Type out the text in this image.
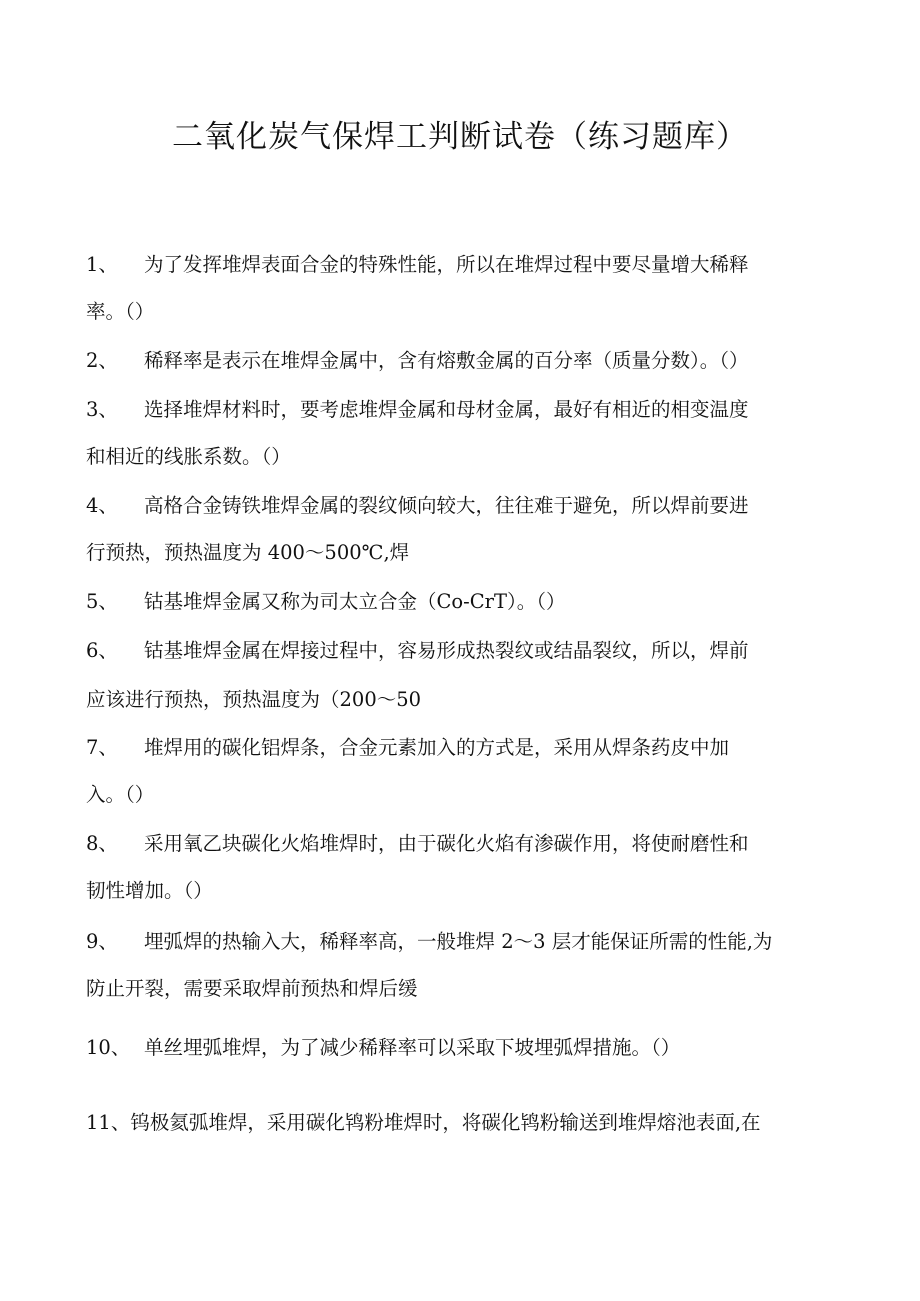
二氧化炭气保焊工判断试卷（练习题库）
1、 为了发挥堆焊表面合金的特殊性能，所以在堆焊过程中要尽量增大稀释
率。（）
2、 稀释率是表示在堆焊金属中，含有熔敷金属的百分率（质量分数）。（）
3、 选择堆焊材料时，要考虑堆焊金属和母材金属，最好有相近的相变温度
和相近的线胀系数。（）
4、 高格合金铸铁堆焊金属的裂纹倾向较大，往往难于避免，所以焊前要进
行预热，预热温度为 400～500℃,焊
5、 钴基堆焊金属又称为司太立合金（Co-CrT）。（）
6、 钴基堆焊金属在焊接过程中，容易形成热裂纹或结晶裂纹，所以，焊前
应该进行预热，预热温度为（200～50
7、 堆焊用的碳化铝焊条，合金元素加入的方式是，采用从焊条药皮中加
入。（）
8、 采用氧乙块碳化火焰堆焊时，由于碳化火焰有渗碳作用，将使耐磨性和
韧性增加。（）
9、 埋弧焊的热输入大，稀释率高，一般堆焊 2～3 层才能保证所需的性能,为
防止开裂，需要采取焊前预热和焊后缓
10、 单丝埋弧堆焊，为了减少稀释率可以采取下坡埋弧焊措施。（）
11、钨极氦弧堆焊，采用碳化鸨粉堆焊时，将碳化鸨粉输送到堆焊熔池表面,在
